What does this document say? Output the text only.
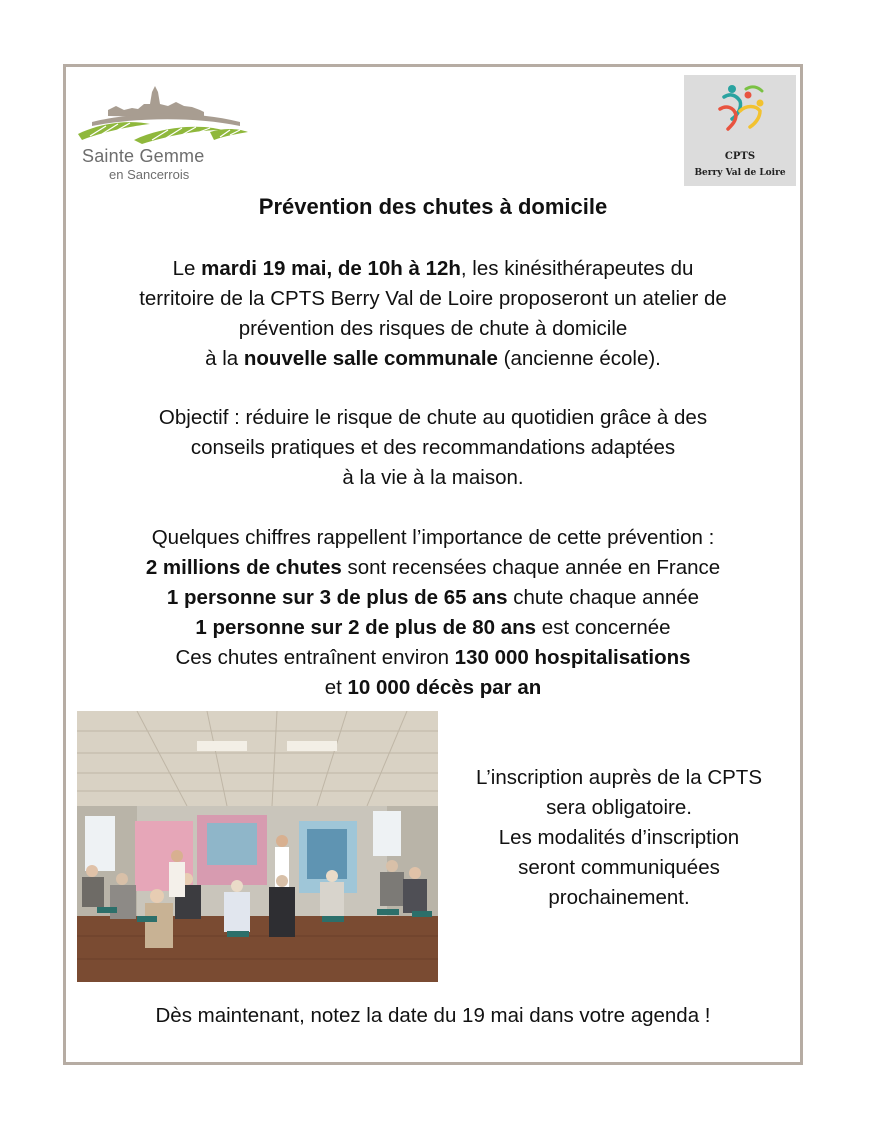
Sainte Gemme
en Sancerrois
CPTS
Berry Val de Loire
Prévention des chutes à domicile
Le mardi 19 mai, de 10h à 12h, les kinésithérapeutes du
territoire de la CPTS Berry Val de Loire proposeront un atelier de
prévention des risques de chute à domicile
à la nouvelle salle communale (ancienne école).
Objectif : réduire le risque de chute au quotidien grâce à des
conseils pratiques et des recommandations adaptées
à la vie à la maison.
Quelques chiffres rappellent l’importance de cette prévention :
2 millions de chutes sont recensées chaque année en France
1 personne sur 3 de plus de 65 ans chute chaque année
1 personne sur 2 de plus de 80 ans est concernée
Ces chutes entraînent environ 130 000 hospitalisations
et 10 000 décès par an
L’inscription auprès de la CPTS
sera obligatoire.
Les modalités d’inscription
seront communiquées
prochainement.
Dès maintenant, notez la date du 19 mai dans votre agenda !
